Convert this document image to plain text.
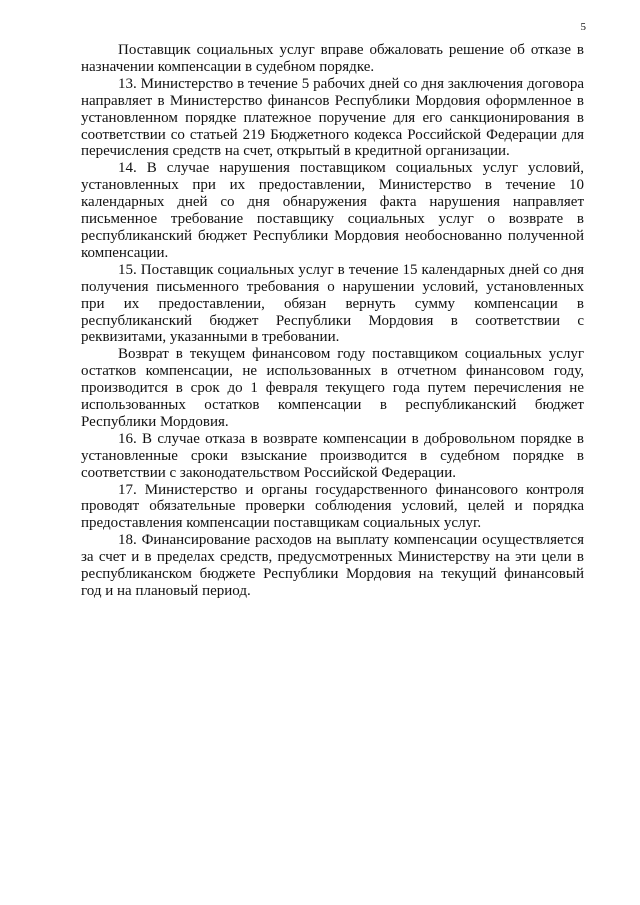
5

Поставщик социальных услуг вправе обжаловать решение об отказе в назначении компенсации в судебном порядке.

13. Министерство в течение 5 рабочих дней со дня заключения договора направляет в Министерство финансов Республики Мордовия оформленное в установленном порядке платежное поручение для его санкционирования в соответствии со статьей 219 Бюджетного кодекса Российской Федерации для перечисления средств на счет, открытый в кредитной организации.

14. В случае нарушения поставщиком социальных услуг условий, установленных при их предоставлении, Министерство в течение 10 календарных дней со дня обнаружения факта нарушения направляет письменное требование поставщику социальных услуг о возврате в республиканский бюджет Республики Мордовия необоснованно полученной компенсации.

15. Поставщик социальных услуг в течение 15 календарных дней со дня получения письменного требования о нарушении условий, установленных при их предоставлении, обязан вернуть сумму компенсации в республиканский бюджет Республики Мордовия в соответствии с реквизитами, указанными в требовании.

Возврат в текущем финансовом году поставщиком социальных услуг остатков компенсации, не использованных в отчетном финансовом году, производится в срок до 1 февраля текущего года путем перечисления не использованных остатков компенсации в республиканский бюджет Республики Мордовия.

16. В случае отказа в возврате компенсации в добровольном порядке в установленные сроки взыскание производится в судебном порядке в соответствии с законодательством Российской Федерации.

17. Министерство и органы государственного финансового контроля проводят обязательные проверки соблюдения условий, целей и порядка предоставления компенсации поставщикам социальных услуг.

18. Финансирование расходов на выплату компенсации осуществляется за счет и в пределах средств, предусмотренных Министерству на эти цели в республиканском бюджете Республики Мордовия на текущий финансовый год и на плановый период.
